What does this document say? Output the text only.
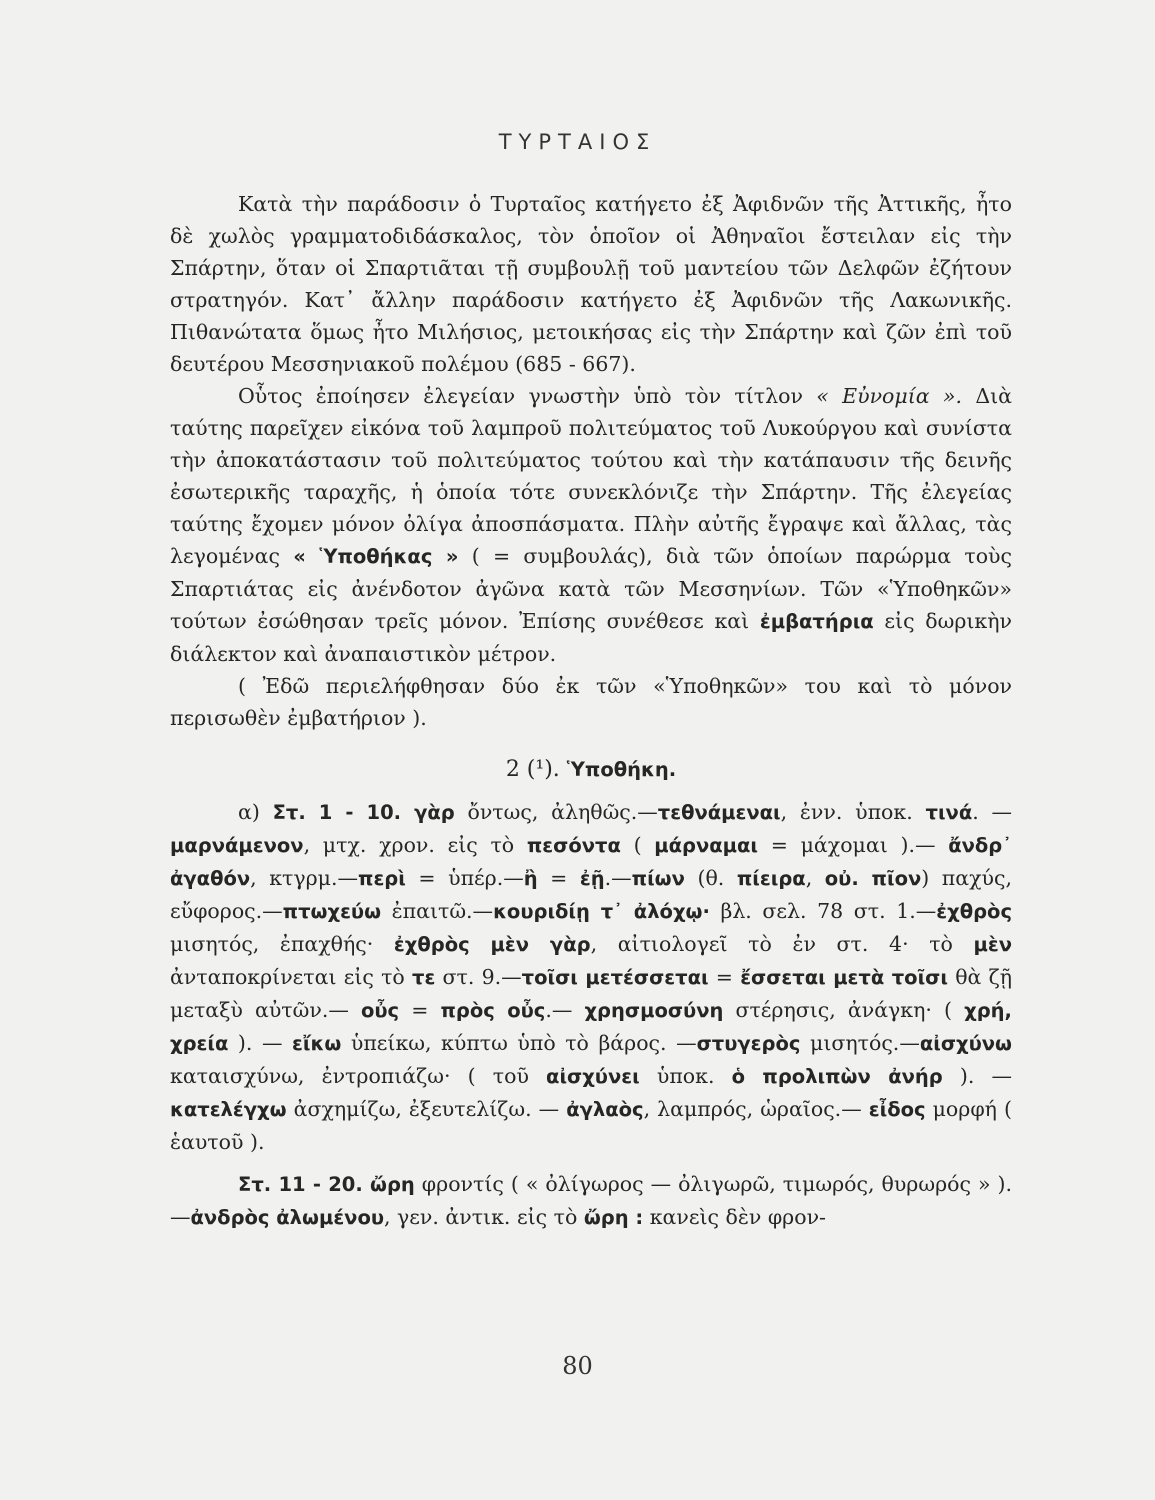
ΤΥΡΤΑΙΟΣ

Κατὰ τὴν παράδοσιν ὁ Τυρταῖος κατήγετο ἐξ Ἀφιδνῶν τῆς Ἀττικῆς, ἦτο δὲ χωλὸς γραμματοδιδάσκαλος, τὸν ὁποῖον οἱ Ἀθηναῖοι ἔστειλαν εἰς τὴν Σπάρτην, ὅταν οἱ Σπαρτιᾶται τῇ συμβουλῇ τοῦ μαντείου τῶν Δελφῶν ἐζήτουν στρατηγόν. Κατ᾽ ἄλλην παράδοσιν κατήγετο ἐξ Ἀφιδνῶν τῆς Λακωνικῆς. Πιθανώτατα ὅμως ἦτο Μιλήσιος, μετοικήσας εἰς τὴν Σπάρτην καὶ ζῶν ἐπὶ τοῦ δευτέρου Μεσσηνιακοῦ πολέμου (685 - 667).

Οὗτος ἐποίησεν ἐλεγείαν γνωστὴν ὑπὸ τὸν τίτλον « Εὐνομία ». Διὰ ταύτης παρεῖχεν εἰκόνα τοῦ λαμπροῦ πολιτεύματος τοῦ Λυκούργου καὶ συνίστα τὴν ἀποκατάστασιν τοῦ πολιτεύματος τούτου καὶ τὴν κατάπαυσιν τῆς δεινῆς ἐσωτερικῆς ταραχῆς, ἡ ὁποία τότε συνεκλόνιζε τὴν Σπάρτην. Τῆς ἐλεγείας ταύτης ἔχομεν μόνον ὀλίγα ἀποσπάσματα. Πλὴν αὐτῆς ἔγραψε καὶ ἄλλας, τὰς λεγομένας « Ὑποθήκας » ( = συμβουλάς), διὰ τῶν ὁποίων παρώρμα τοὺς Σπαρτιάτας εἰς ἀνένδοτον ἀγῶνα κατὰ τῶν Μεσσηνίων. Τῶν «Ὑποθηκῶν» τούτων ἐσώθησαν τρεῖς μόνον. Ἐπίσης συνέθεσε καὶ ἐμβατήρια εἰς δωρικὴν διάλεκτον καὶ ἀναπαιστικὸν μέτρον.

( Ἐδῶ περιελήφθησαν δύο ἐκ τῶν «Ὑποθηκῶν» του καὶ τὸ μόνον περισωθὲν ἐμβατήριον ).

2 (¹). Ὑποθήκη.

α) Στ. 1 - 10. γὰρ ὄντως, ἀληθῶς.—τεθνάμεναι, ἐνν. ὑποκ. τινά. —μαρνάμενον, μτχ. χρον. εἰς τὸ πεσόντα ( μάρναμαι = μάχομαι ).— ἄνδρ᾽ ἀγαθόν, κτγρμ.—περὶ = ὑπέρ.—ἢ = ἐῇ.—πίων (θ. πίειρα, οὐ. πῖον) παχύς, εὔφορος.—πτωχεύω ἐπαιτῶ.—κουριδίῃ τ᾽ ἀλόχῳ· βλ. σελ. 78 στ. 1.—ἐχθρὸς μισητός, ἐπαχθής· ἐχθρὸς μὲν γὰρ, αἰτιολογεῖ τὸ ἐν στ. 4· τὸ μὲν ἀνταποκρίνεται εἰς τὸ τε στ. 9.—τοῖσι μετέσσεται = ἔσσεται μετὰ τοῖσι θὰ ζῇ μεταξὺ αὐτῶν.— οὖς = πρὸς οὖς.— χρησμοσύνη στέρησις, ἀνάγκη· ( χρή, χρεία ). — εἴκω ὑπείκω, κύπτω ὑπὸ τὸ βάρος. —στυγερὸς μισητός.—αἰσχύνω καταισχύνω, ἐντροπιάζω· ( τοῦ αἰσχύνει ὑποκ. ὁ προλιπὼν ἀνήρ ). —κατελέγχω ἀσχημίζω, ἐξευτελίζω. — ἀγλαὸς, λαμπρός, ὡραῖος.— εἶδος μορφή ( ἑαυτοῦ ).

Στ. 11 - 20. ὤρη φροντίς ( « ὀλίγωρος — ὀλιγωρῶ, τιμωρός, θυρωρός » ).—ἀνδρὸς ἀλωμένου, γεν. ἀντικ. εἰς τὸ ὤρη : κανεὶς δὲν φρον-

80
